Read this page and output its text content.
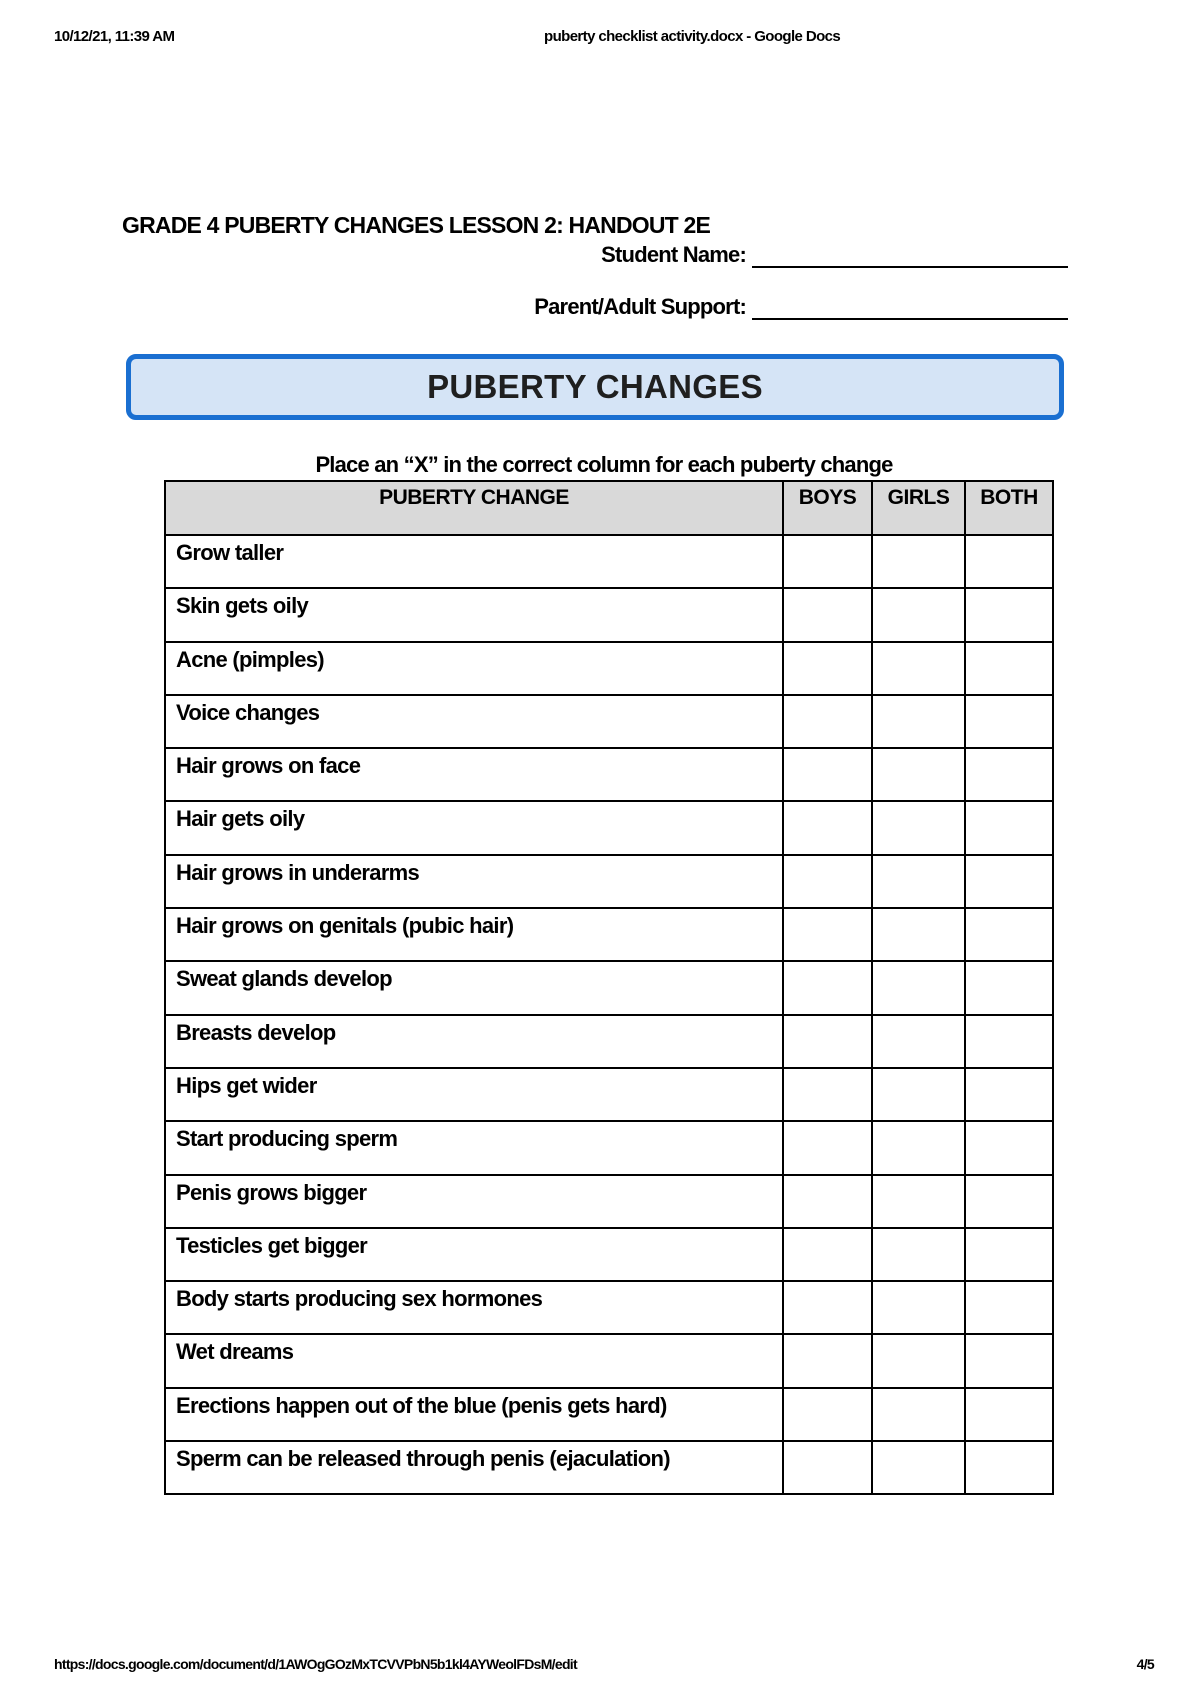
10/12/21, 11:39 AM	puberty checklist activity.docx - Google Docs
GRADE 4 PUBERTY CHANGES LESSON 2: HANDOUT 2E
Student Name:
Parent/Adult Support:
PUBERTY CHANGES
Place an “X” in the correct column for each puberty change
PUBERTY CHANGE	BOYS	GIRLS	BOTH
Grow taller			
Skin gets oily			
Acne (pimples)			
Voice changes			
Hair grows on face			
Hair gets oily			
Hair grows in underarms			
Hair grows on genitals (pubic hair)			
Sweat glands develop			
Breasts develop			
Hips get wider			
Start producing sperm			
Penis grows bigger			
Testicles get bigger			
Body starts producing sex hormones			
Wet dreams			
Erections happen out of the blue (penis gets hard)			
Sperm can be released through penis (ejaculation)			
https://docs.google.com/document/d/1AWOgGOzMxTCVVPbN5b1kl4AYWeolFDsM/edit	4/5
